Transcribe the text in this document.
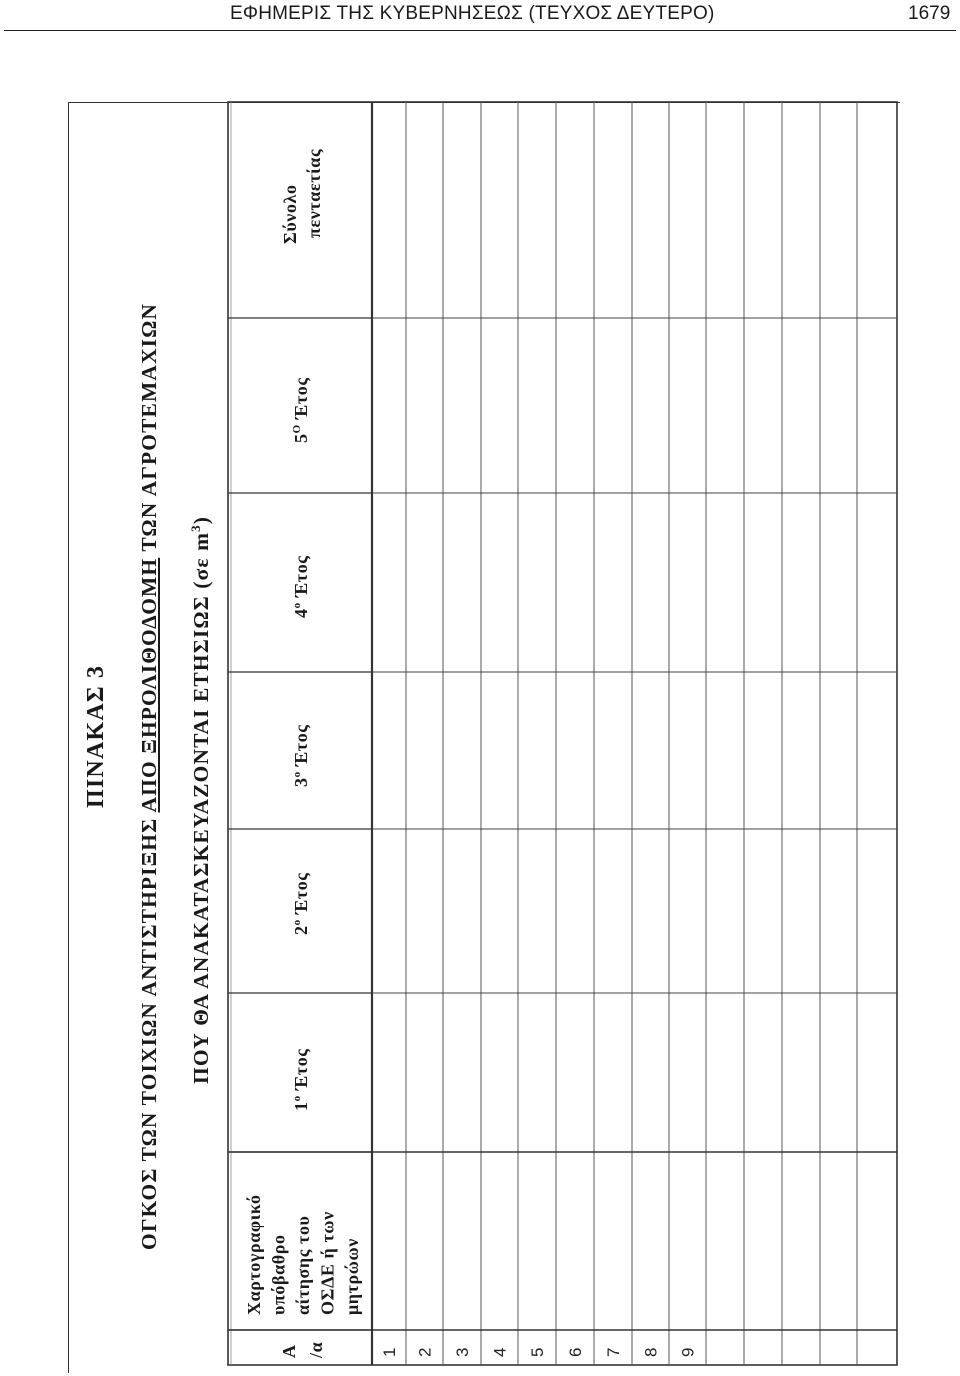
ΕΦΗΜΕΡΙΣ ΤΗΣ ΚΥΒΕΡΝΗΣΕΩΣ (ΤΕΥΧΟΣ ΔΕΥΤΕΡΟ)	1679
ΠΙΝΑΚΑΣ 3
ΟΓΚΟΣ ΤΩΝ ΤΟΙΧΙΩΝ ΑΝΤΙΣΤΗΡΙΞΗΣ ΑΠΟ ΞΗΡΟΛΙΘΟΔΟΜΗ ΤΩΝ ΑΓΡΟΤΕΜΑΧΙΩΝ
ΠΟΥ ΘΑ ΑΝΑΚΑΤΑΣΚΕΥΑΖΟΝΤΑΙ ΕΤΗΣΙΩΣ (σε $m^3$)
Α /α
Χαρτογραφικό υπόβαθρο αίτησης του ΟΣΔΕ ή των μητρώων
$1^o$ Έτος
$2^o$ Έτος
$3^o$ Έτος
$4^o$ Έτος
$5^O$ Έτος
Σύνολο πενταετίας
1 2 3 4 5 6 7 8 9
